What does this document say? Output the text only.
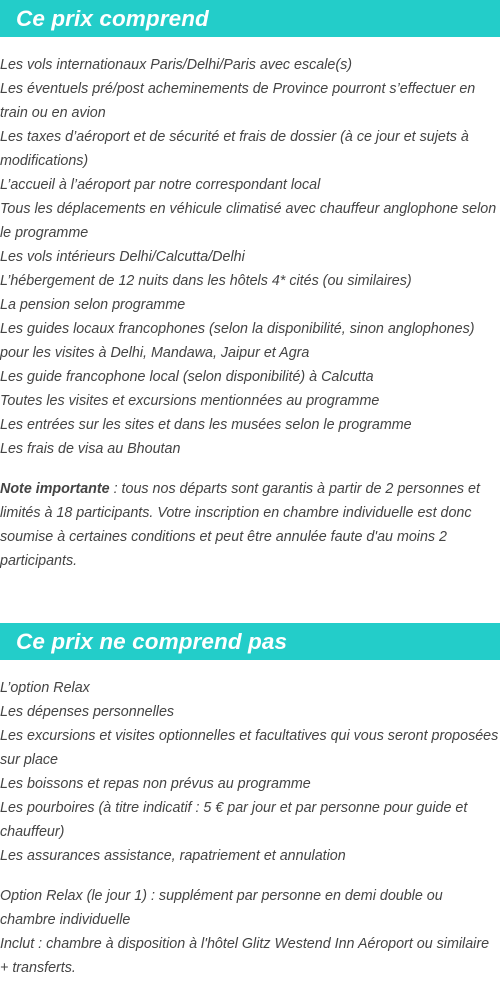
Ce prix comprend
Les vols internationaux Paris/Delhi/Paris avec escale(s)
Les éventuels pré/post acheminements de Province pourront s’effectuer en train ou en avion
Les taxes d’aéroport et de sécurité et frais de dossier (à ce jour et sujets à modifications)
L’accueil à l’aéroport par notre correspondant local
Tous les déplacements en véhicule climatisé avec chauffeur anglophone selon le programme
Les vols intérieurs Delhi/Calcutta/Delhi
L’hébergement de 12 nuits dans les hôtels 4* cités (ou similaires)
La pension selon programme
Les guides locaux francophones (selon la disponibilité, sinon anglophones) pour les visites à Delhi, Mandawa, Jaipur et Agra
Les guide francophone local (selon disponibilité) à Calcutta
Toutes les visites et excursions mentionnées au programme
Les entrées sur les sites et dans les musées selon le programme
Les frais de visa au Bhoutan

Note importante : tous nos départs sont garantis à partir de 2 personnes et limités à 18 participants. Votre inscription en chambre individuelle est donc soumise à certaines conditions et peut être annulée faute d'au moins 2 participants.

Ce prix ne comprend pas
L’option Relax
Les dépenses personnelles
Les excursions et visites optionnelles et facultatives qui vous seront proposées sur place
Les boissons et repas non prévus au programme
Les pourboires (à titre indicatif : 5 € par jour et par personne pour guide et chauffeur)
Les assurances assistance, rapatriement et annulation
Option Relax (le jour 1) : supplément par personne en demi double ou chambre individuelle
Inclut : chambre à disposition à l'hôtel Glitz Westend Inn Aéroport ou similaire + transferts.
